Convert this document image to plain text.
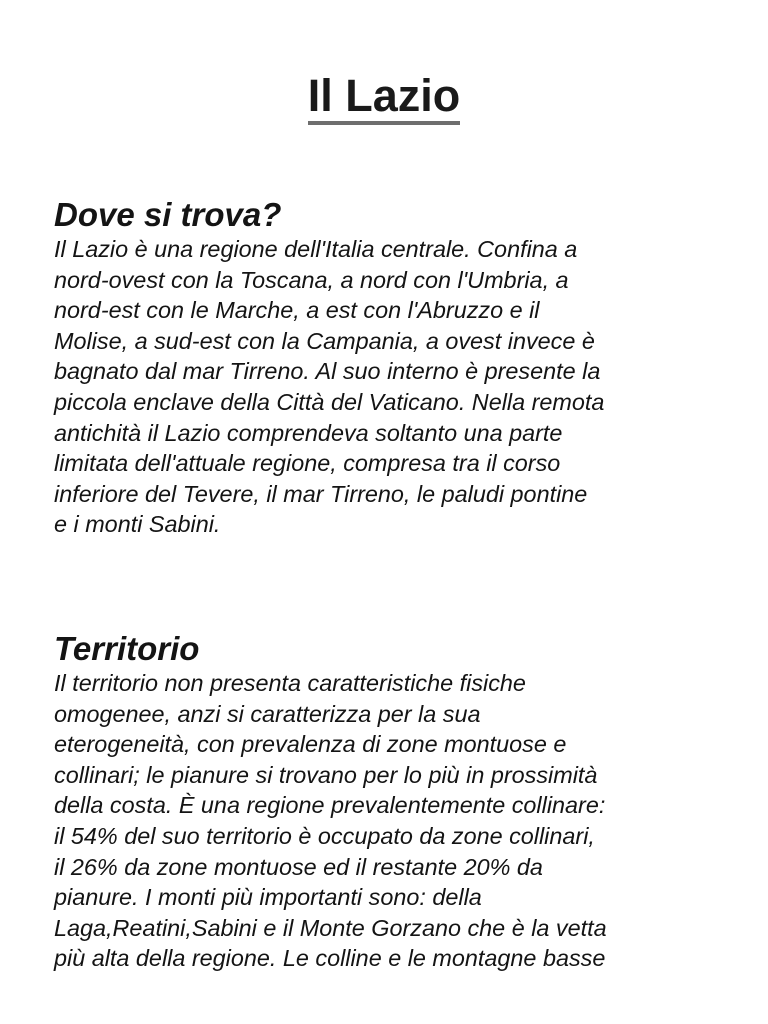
Il Lazio
Dove si trova?

Il Lazio è una regione dell'Italia centrale. Confina a
nord-ovest con la Toscana, a nord con l'Umbria, a
nord-est con le Marche, a est con l'Abruzzo e il
Molise, a sud-est con la Campania, a ovest invece è
bagnato dal mar Tirreno. Al suo interno è presente la
piccola enclave della Città del Vaticano. Nella remota
antichità il Lazio comprendeva soltanto una parte
limitata dell'attuale regione, compresa tra il corso
inferiore del Tevere, il mar Tirreno, le paludi pontine
e i monti Sabini.

Territorio

Il territorio non presenta caratteristiche fisiche
omogenee, anzi si caratterizza per la sua
eterogeneità, con prevalenza di zone montuose e
collinari; le pianure si trovano per lo più in prossimità
della costa. È una regione prevalentemente collinare:
il 54% del suo territorio è occupato da zone collinari,
il 26% da zone montuose ed il restante 20% da
pianure. I monti più importanti sono: della
Laga,Reatini,Sabini e il Monte Gorzano che è la vetta
più alta della regione. Le colline e le montagne basse
